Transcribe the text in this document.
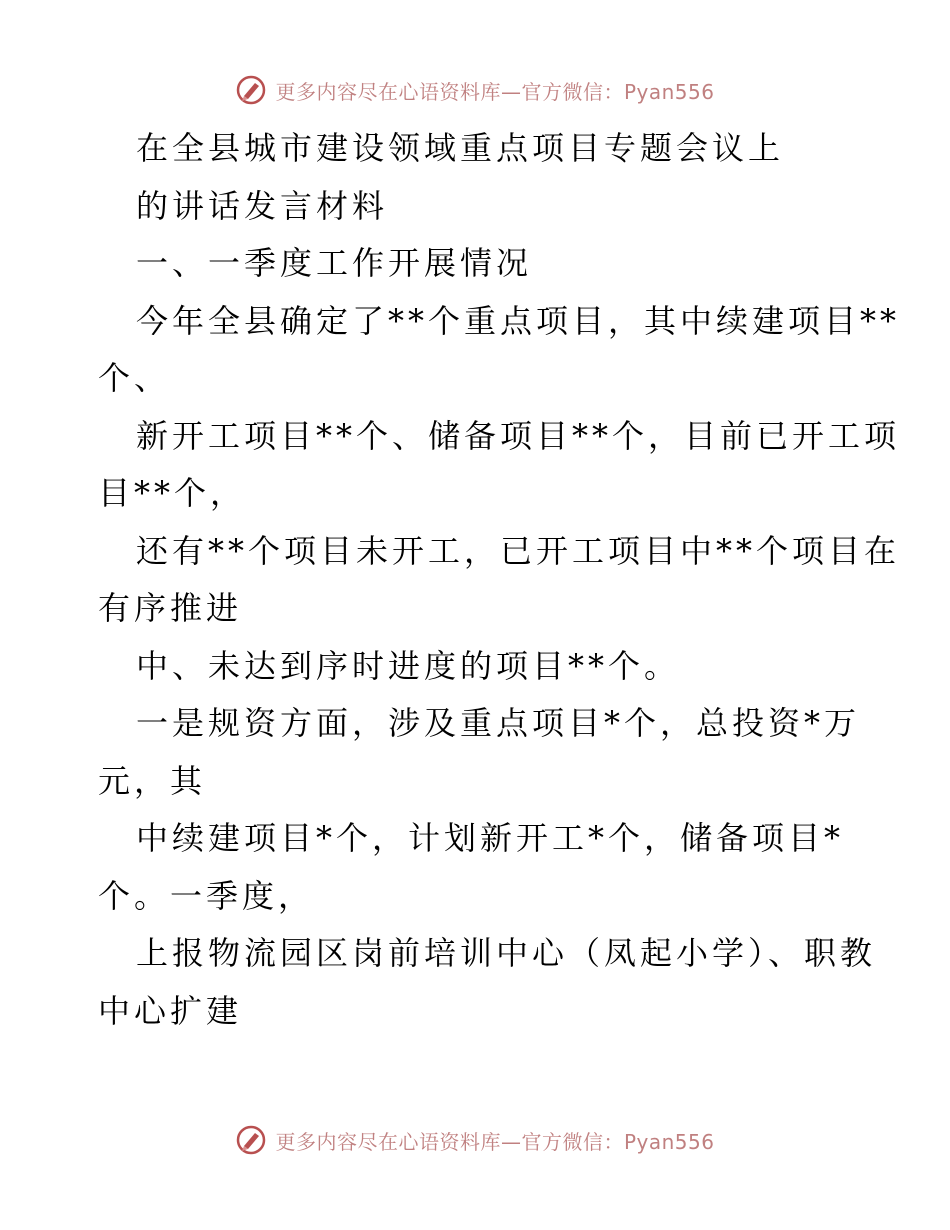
更多内容尽在心语资料库—官方微信：Pyan556

在全县城市建设领域重点项目专题会议上

的讲话发言材料

一、一季度工作开展情况

今年全县确定了**个重点项目，其中续建项目**

个、

新开工项目**个、储备项目**个，目前已开工项

目**个，

还有**个项目未开工，已开工项目中**个项目在

有序推进

中、未达到序时进度的项目**个。

一是规资方面，涉及重点项目*个，总投资*万

元，其

中续建项目*个，计划新开工*个，储备项目*

个。一季度，

上报物流园区岗前培训中心（凤起小学）、职教

中心扩建

更多内容尽在心语资料库—官方微信：Pyan556
